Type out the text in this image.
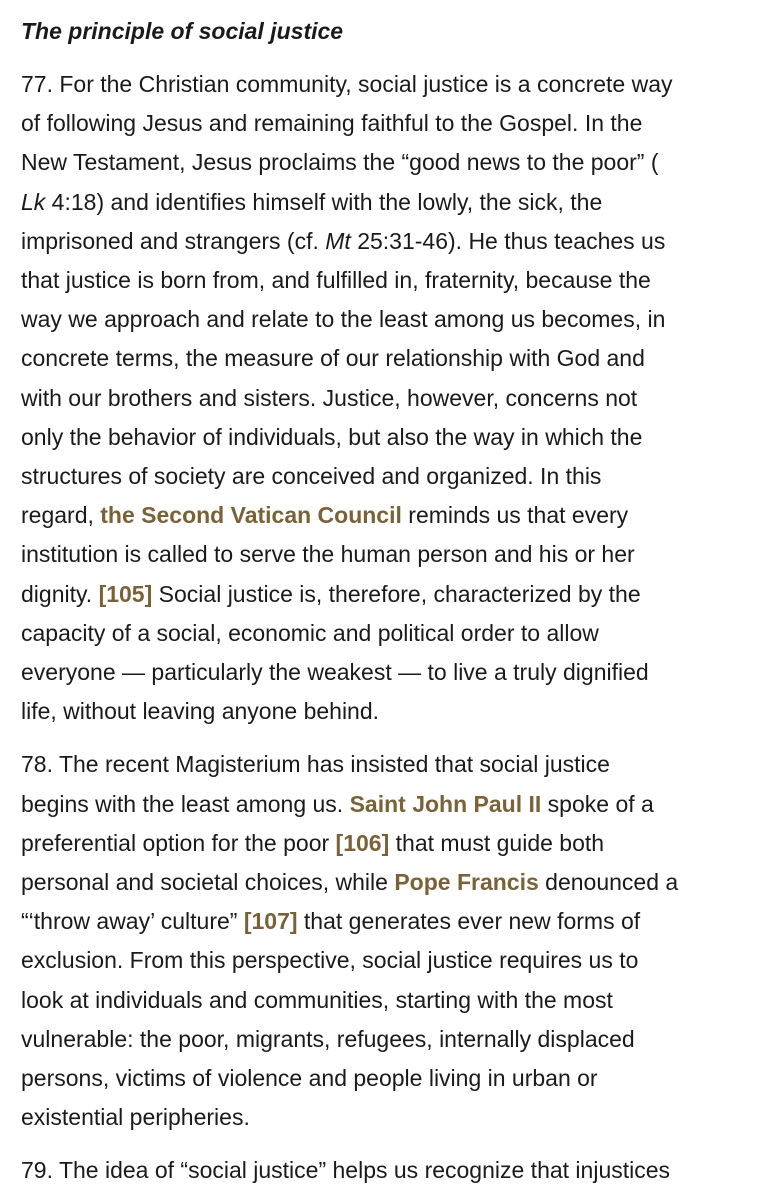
The principle of social justice
77. For the Christian community, social justice is a concrete way
of following Jesus and remaining faithful to the Gospel. In the
New Testament, Jesus proclaims the “good news to the poor” (
Lk 4:18) and identifies himself with the lowly, the sick, the
imprisoned and strangers (cf. Mt 25:31-46). He thus teaches us
that justice is born from, and fulfilled in, fraternity, because the
way we approach and relate to the least among us becomes, in
concrete terms, the measure of our relationship with God and
with our brothers and sisters. Justice, however, concerns not
only the behavior of individuals, but also the way in which the
structures of society are conceived and organized. In this
regard, the Second Vatican Council reminds us that every
institution is called to serve the human person and his or her
dignity. [105] Social justice is, therefore, characterized by the
capacity of a social, economic and political order to allow
everyone — particularly the weakest — to live a truly dignified
life, without leaving anyone behind.
78. The recent Magisterium has insisted that social justice
begins with the least among us. Saint John Paul II spoke of a
preferential option for the poor [106] that must guide both
personal and societal choices, while Pope Francis denounced a
“‘throw away’ culture” [107] that generates ever new forms of
exclusion. From this perspective, social justice requires us to
look at individuals and communities, starting with the most
vulnerable: the poor, migrants, refugees, internally displaced
persons, victims of violence and people living in urban or
existential peripheries.
79. The idea of “social justice” helps us recognize that injustices
